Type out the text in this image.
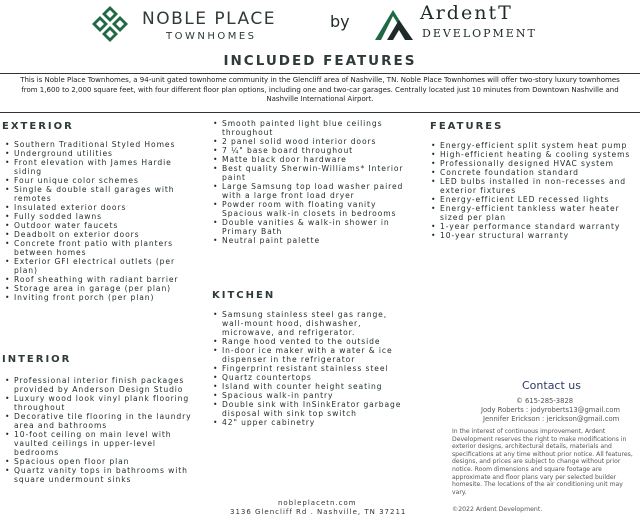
NOBLE PLACE
TOWNHOMES
by	ArdentT
DEVELOPMENT
INCLUDED FEATURES
This is Noble Place Townhomes, a 94-unit gated townhome community in the Glencliff area of Nashville, TN. Noble Place Townhomes will offer two-story luxury townhomes from 1,600 to 2,000 square feet, with four different floor plan options, including one and two-car garages. Centrally located just 10 minutes from Downtown Nashville and Nashville International Airport.
EXTERIOR
• Southern Traditional Styled Homes
• Underground utilities
• Front elevation with James Hardie siding
• Four unique color schemes
• Single & double stall garages with remotes
• Insulated exterior doors
• Fully sodded lawns
• Outdoor water faucets
• Deadbolt on exterior doors
• Concrete front patio with planters between homes
• Exterior GFI electrical outlets (per plan)
• Roof sheathing with radiant barrier
• Storage area in garage (per plan)
• Inviting front porch (per plan)
INTERIOR
• Professional interior finish packages provided by Anderson Design Studio
• Luxury wood look vinyl plank flooring throughout
• Decorative tile flooring in the laundry area and bathrooms
• 10-foot ceiling on main level with vaulted ceilings in upper-level bedrooms
• Spacious open floor plan
• Quartz vanity tops in bathrooms with square undermount sinks
• Smooth painted light blue ceilings throughout
• 2 panel solid wood interior doors
• 7 ¼" base board throughout
• Matte black door hardware
• Best quality Sherwin-Williams* Interior paint
• Large Samsung top load washer paired with a large front load dryer
• Powder room with floating vanity Spacious walk-in closets in bedrooms
• Double vanities & walk-in shower in Primary Bath
• Neutral paint palette
KITCHEN
• Samsung stainless steel gas range, wall-mount hood, dishwasher, microwave, and refrigerator.
• Range hood vented to the outside
• In-door ice maker with a water & ice dispenser in the refrigerator
• Fingerprint resistant stainless steel
• Quartz countertops
• Island with counter height seating
• Spacious walk-in pantry
• Double sink with InSinkErator garbage disposal with sink top switch
• 42" upper cabinetry
FEATURES
• Energy-efficient split system heat pump
• High-efficient heating & cooling systems
• Professionally designed HVAC system
• Concrete foundation standard
• LED bulbs installed in non-recesses and exterior fixtures
• Energy-efficient LED recessed lights
• Energy-efficient tankless water heater sized per plan
• 1-year performance standard warranty
• 10-year structural warranty
Contact us
© 615-285-3828
Jody Roberts : jodyroberts13@gmail.com
Jennifer Erickson : jerickson@gmail.com
In the interest of continuous improvement, Ardent Development reserves the right to make modifications in exterior designs, architectural details, materials and specifications at any time without prior notice. All features, designs, and prices are subject to change without prior notice. Room dimensions and square footage are approximate and floor plans vary per selected builder homesite. The locations of the air conditioning unit may vary.
©2022 Ardent Development.
nobleplacetn.com
3136 Glencliff Rd . Nashville, TN 37211
